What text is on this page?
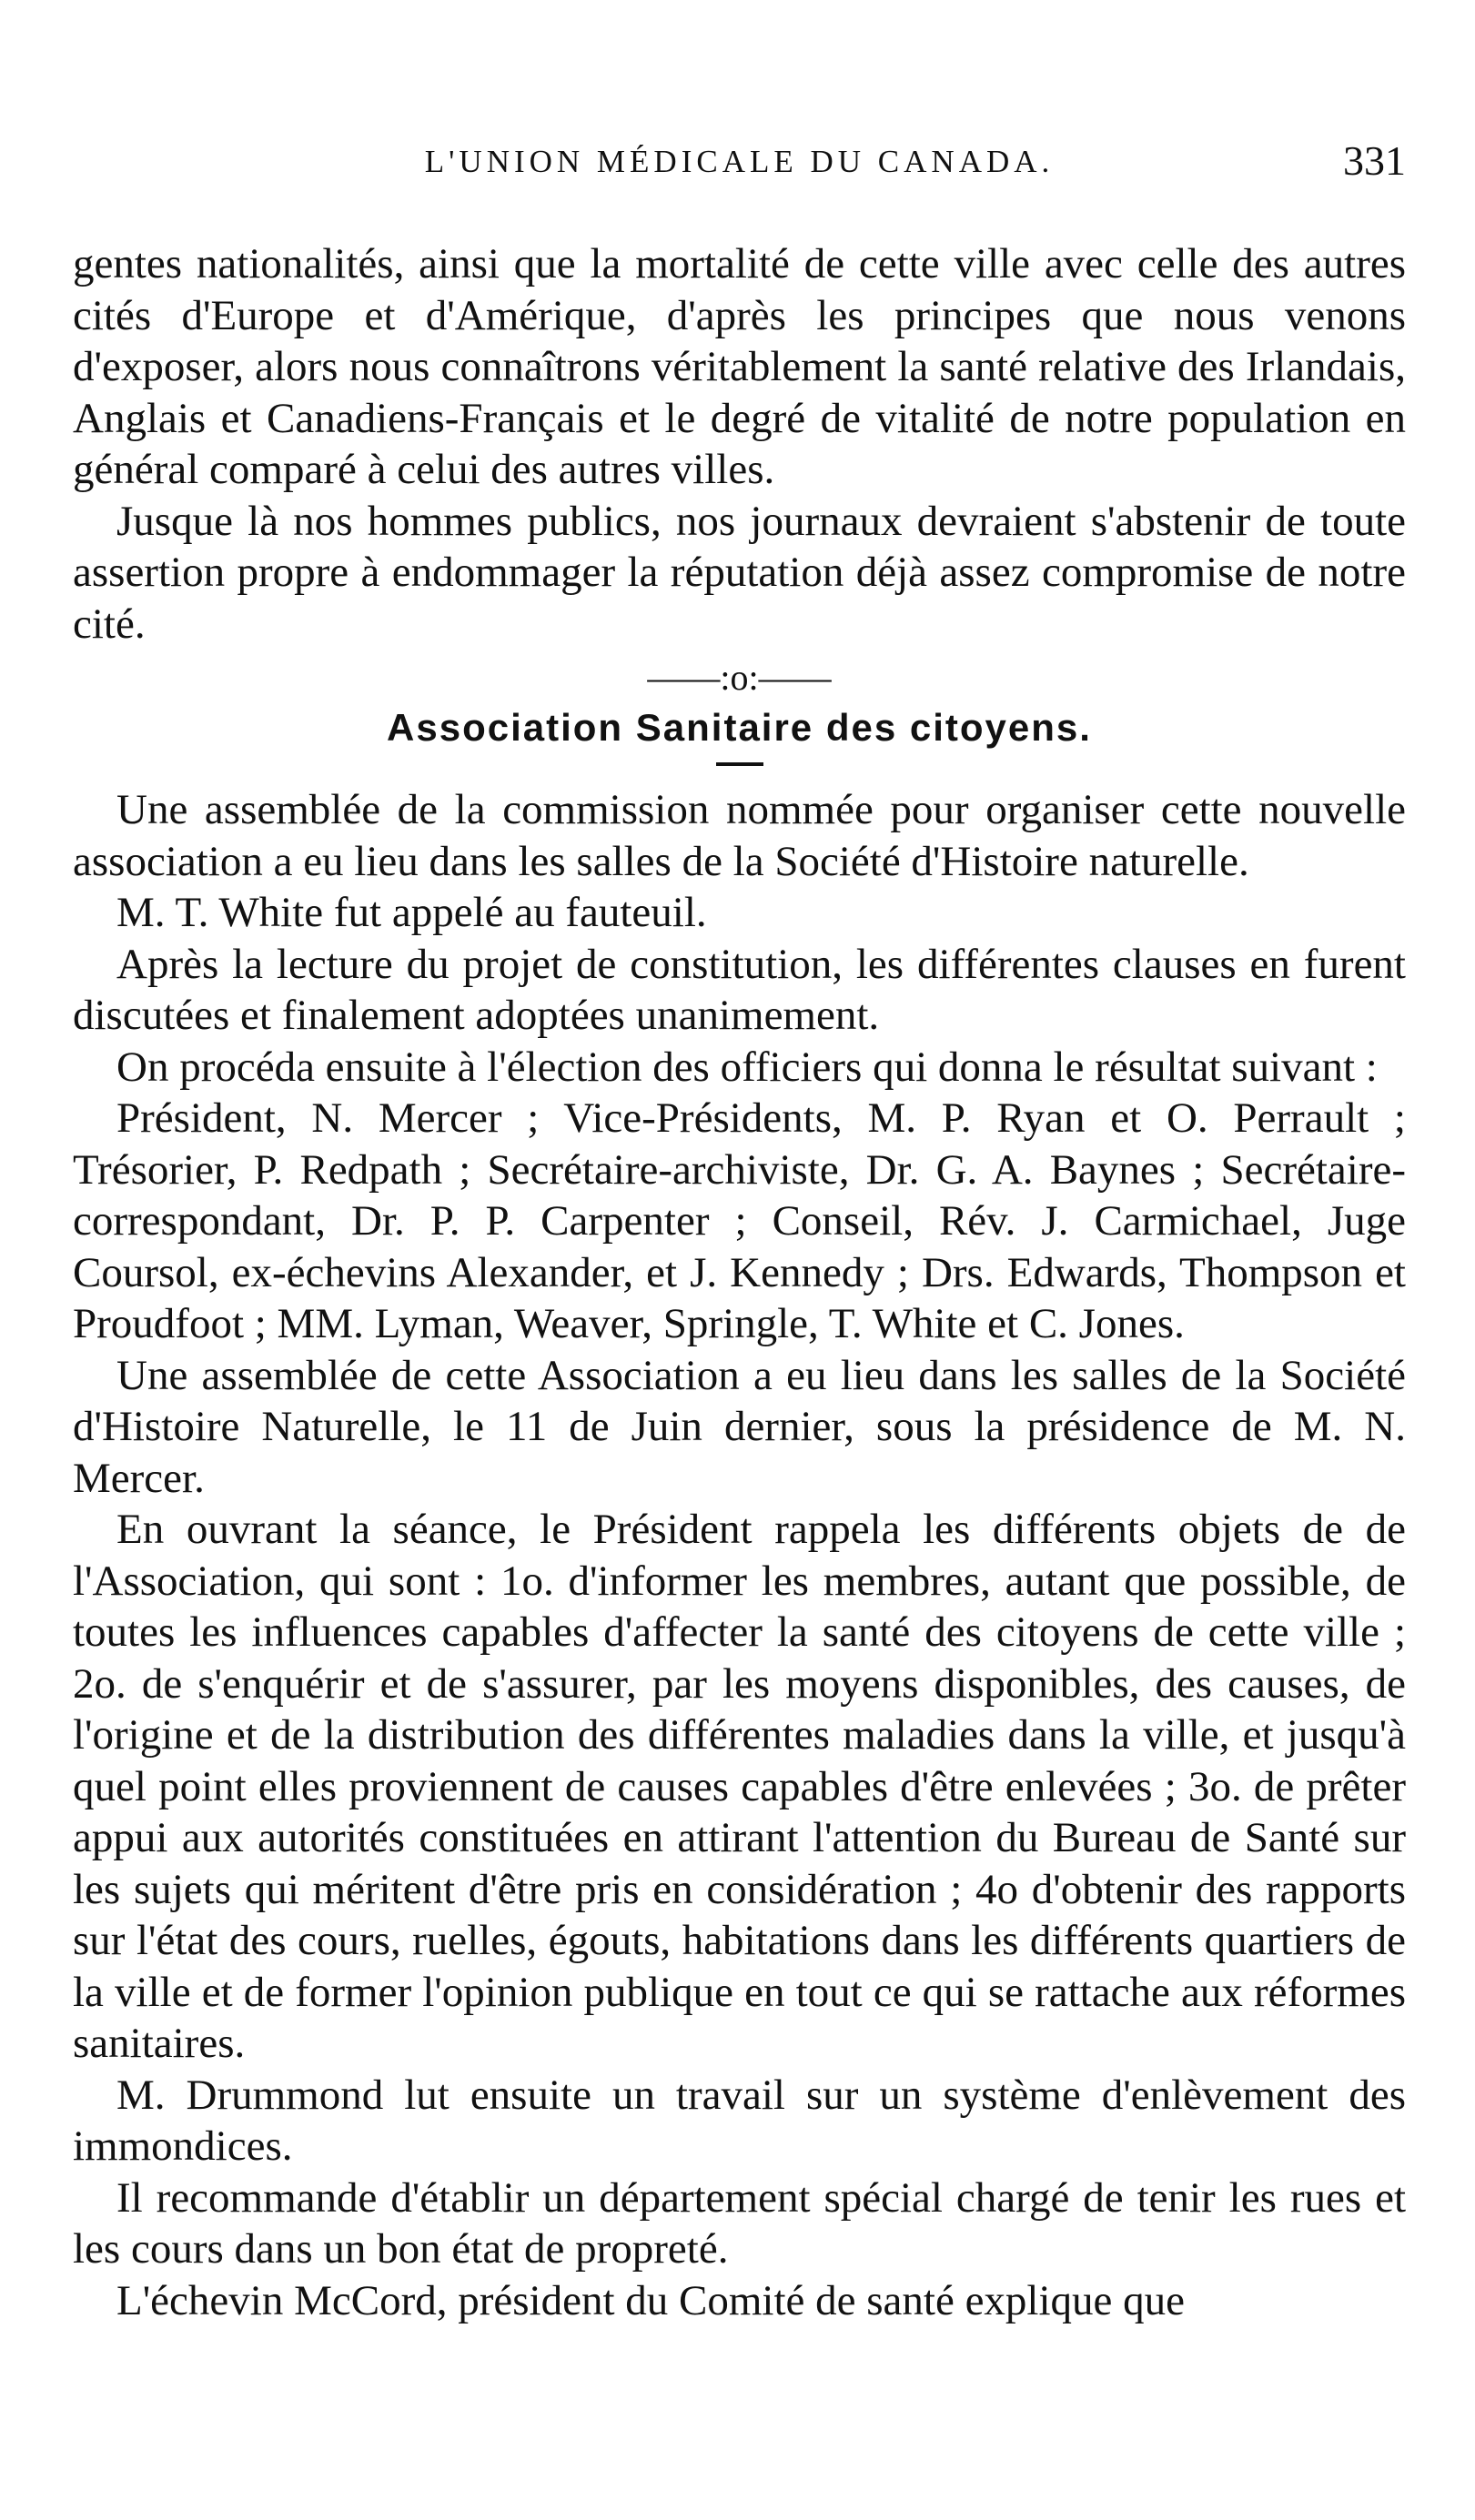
L'UNION MÉDICALE DU CANADA.	331

gentes nationalités, ainsi que la mortalité de cette ville avec celle des autres cités d'Europe et d'Amérique, d'après les principes que nous venons d'exposer, alors nous connaîtrons véritablement la santé relative des Irlandais, Anglais et Canadiens-Français et le degré de vitalité de notre population en général comparé à celui des autres villes.

Jusque là nos hommes publics, nos journaux devraient s'abstenir de toute assertion propre à endommager la réputation déjà assez compromise de notre cité.

——:o:——
Association Sanitaire des citoyens.

Une assemblée de la commission nommée pour organiser cette nouvelle association a eu lieu dans les salles de la Société d'Histoire naturelle.

M. T. White fut appelé au fauteuil.

Après la lecture du projet de constitution, les différentes clauses en furent discutées et finalement adoptées unanimement.

On procéda ensuite à l'élection des officiers qui donna le résultat suivant :

Président, N. Mercer ; Vice-Présidents, M. P. Ryan et O. Perrault ; Trésorier, P. Redpath ; Secrétaire-archiviste, Dr. G. A. Baynes ; Secrétaire-correspondant, Dr. P. P. Carpenter ; Conseil, Rév. J. Carmichael, Juge Coursol, ex-échevins Alexander, et J. Kennedy ; Drs. Edwards, Thompson et Proudfoot ; MM. Lyman, Weaver, Springle, T. White et C. Jones.

Une assemblée de cette Association a eu lieu dans les salles de la Société d'Histoire Naturelle, le 11 de Juin dernier, sous la présidence de M. N. Mercer.

En ouvrant la séance, le Président rappela les différents objets de de l'Association, qui sont : 1o. d'informer les membres, autant que possible, de toutes les influences capables d'affecter la santé des citoyens de cette ville ; 2o. de s'enquérir et de s'assurer, par les moyens disponibles, des causes, de l'origine et de la distribution des différentes maladies dans la ville, et jusqu'à quel point elles proviennent de causes capables d'être enlevées ; 3o. de prêter appui aux autorités constituées en attirant l'attention du Bureau de Santé sur les sujets qui méritent d'être pris en considération ; 4o d'obtenir des rapports sur l'état des cours, ruelles, égouts, habitations dans les différents quartiers de la ville et de former l'opinion publique en tout ce qui se rattache aux réformes sanitaires.

M. Drummond lut ensuite un travail sur un système d'enlèvement des immondices.

Il recommande d'établir un département spécial chargé de tenir les rues et les cours dans un bon état de propreté.

L'échevin McCord, président du Comité de santé explique que
